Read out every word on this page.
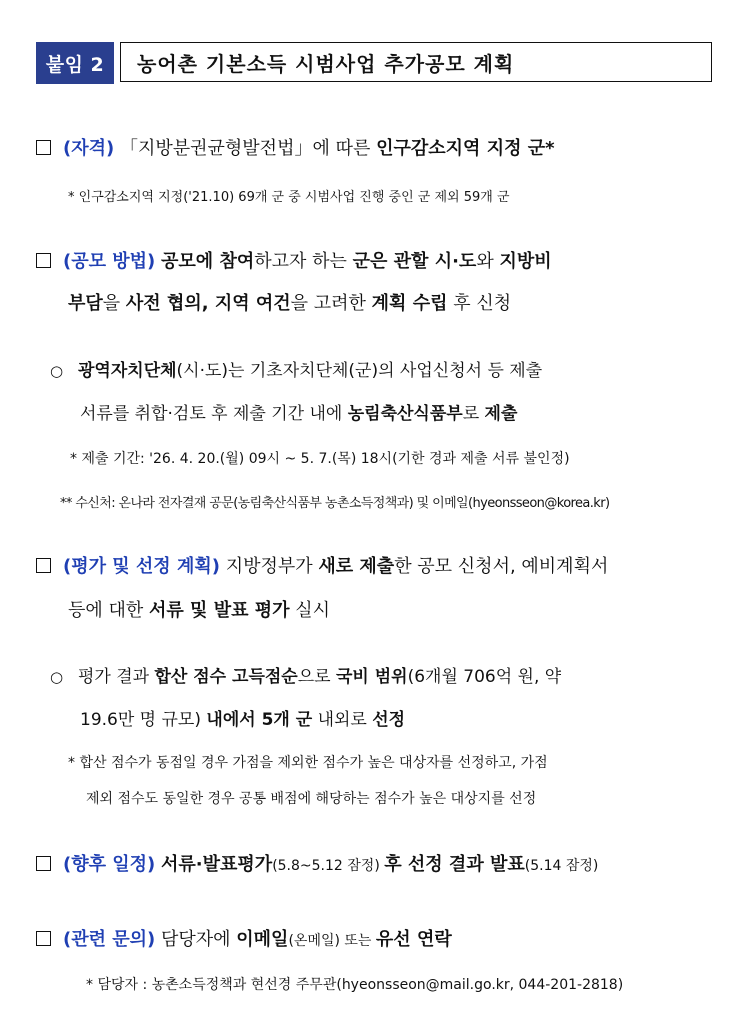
붙임 2	농어촌 기본소득 시범사업 추가공모 계획
(자격) 「지방분권균형발전법」에 따른 인구감소지역 지정 군*
* 인구감소지역 지정('21.10) 69개 군 중 시범사업 진행 중인 군 제외 59개 군
(공모 방법) 공모에 참여하고자 하는 군은 관할 시·도와 지방비
부담을 사전 협의, 지역 여건을 고려한 계획 수립 후 신청
○ 광역자치단체(시·도)는 기초자치단체(군)의 사업신청서 등 제출
서류를 취합·검토 후 제출 기간 내에 농림축산식품부로 제출
* 제출 기간: '26. 4. 20.(월) 09시 ~ 5. 7.(목) 18시(기한 경과 제출 서류 불인정)
** 수신처: 온나라 전자결재 공문(농림축산식품부 농촌소득정책과) 및 이메일(hyeonsseon@korea.kr)
(평가 및 선정 계획) 지방정부가 새로 제출한 공모 신청서, 예비계획서
등에 대한 서류 및 발표 평가 실시
○ 평가 결과 합산 점수 고득점순으로 국비 범위(6개월 706억 원, 약
19.6만 명 규모) 내에서 5개 군 내외로 선정
* 합산 점수가 동점일 경우 가점을 제외한 점수가 높은 대상자를 선정하고, 가점
제외 점수도 동일한 경우 공통 배점에 해당하는 점수가 높은 대상지를 선정
(향후 일정) 서류·발표평가(5.8~5.12 잠정) 후 선정 결과 발표(5.14 잠정)
(관련 문의) 담당자에 이메일(온메일) 또는 유선 연락
* 담당자 : 농촌소득정책과 현선경 주무관(hyeonsseon@mail.go.kr, 044-201-2818)
